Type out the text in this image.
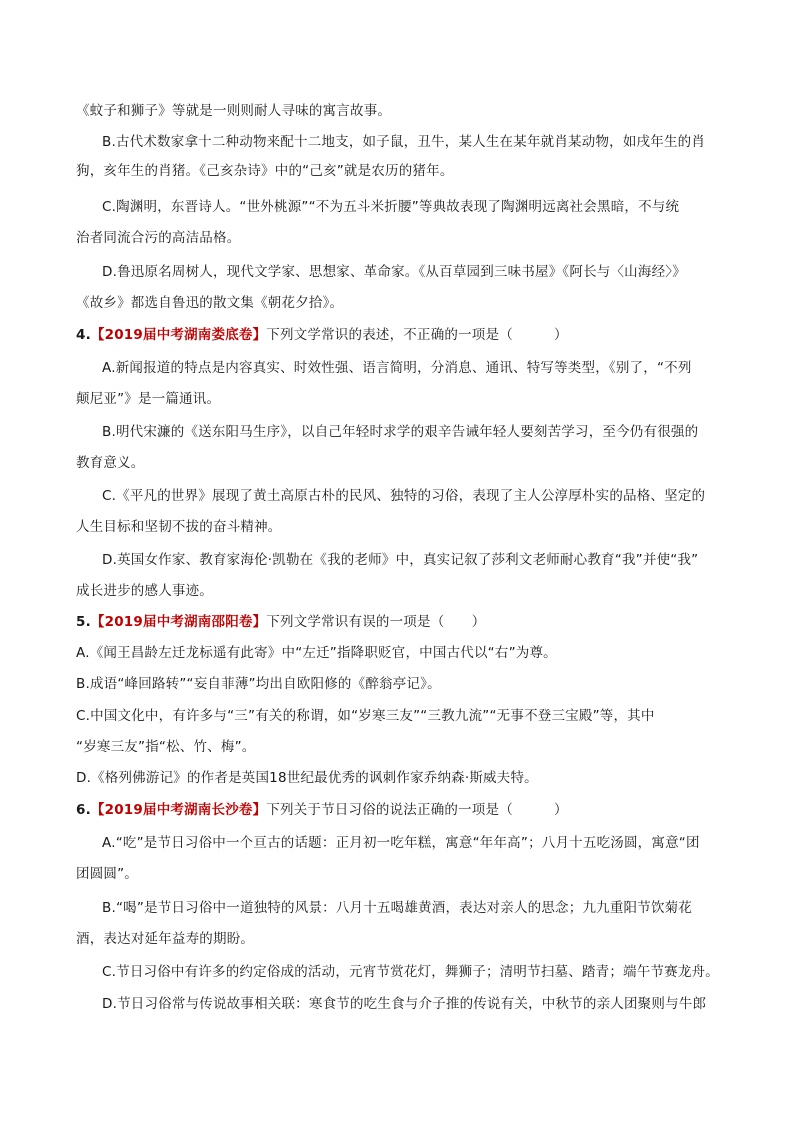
《蚊子和狮子》等就是一则则耐人寻味的寓言故事。
B.古代术数家拿十二种动物来配十二地支，如子鼠，丑牛，某人生在某年就肖某动物，如戌年生的肖
狗，亥年生的肖猪。《己亥杂诗》中的“己亥”就是农历的猪年。
C.陶渊明，东晋诗人。“世外桃源”“不为五斗米折腰”等典故表现了陶渊明远离社会黑暗，不与统
治者同流合污的高洁品格。
D.鲁迅原名周树人，现代文学家、思想家、革命家。《从百草园到三味书屋》《阿长与〈山海经〉》
《故乡》都选自鲁迅的散文集《朝花夕拾》。
4.【2019届中考湖南娄底卷】下列文学常识的表述，不正确的一项是（　　　）
A.新闻报道的特点是内容真实、时效性强、语言简明，分消息、通讯、特写等类型，《别了，“不列
颠尼亚”》是一篇通讯。
B.明代宋濂的《送东阳马生序》，以自己年轻时求学的艰辛告诫年轻人要刻苦学习，至今仍有很强的
教育意义。
C.《平凡的世界》展现了黄土高原古朴的民风、独特的习俗，表现了主人公淳厚朴实的品格、坚定的
人生目标和坚韧不拔的奋斗精神。
D.英国女作家、教育家海伦·凯勒在《我的老师》中，真实记叙了莎利文老师耐心教育“我”并使“我”
成长进步的感人事迹。
5.【2019届中考湖南邵阳卷】下列文学常识有误的一项是（　　）
A.《闻王昌龄左迁龙标遥有此寄》中“左迁”指降职贬官，中国古代以“右”为尊。
B.成语“峰回路转”“妄自菲薄”均出自欧阳修的《醉翁亭记》。
C.中国文化中，有许多与“三”有关的称谓，如“岁寒三友”“三教九流”“无事不登三宝殿”等，其中
“岁寒三友”指“松、竹、梅”。
D.《格列佛游记》的作者是英国18世纪最优秀的讽刺作家乔纳森·斯威夫特。
6.【2019届中考湖南长沙卷】下列关于节日习俗的说法正确的一项是（　　　）
A.“吃”是节日习俗中一个亘古的话题：正月初一吃年糕，寓意“年年高”；八月十五吃汤圆，寓意“团
团圆圆”。
B.“喝”是节日习俗中一道独特的风景：八月十五喝雄黄酒，表达对亲人的思念；九九重阳节饮菊花
酒，表达对延年益寿的期盼。
C.节日习俗中有许多的约定俗成的活动，元宵节赏花灯，舞狮子；清明节扫墓、踏青；端午节赛龙舟。
D.节日习俗常与传说故事相关联：寒食节的吃生食与介子推的传说有关，中秋节的亲人团聚则与牛郎
